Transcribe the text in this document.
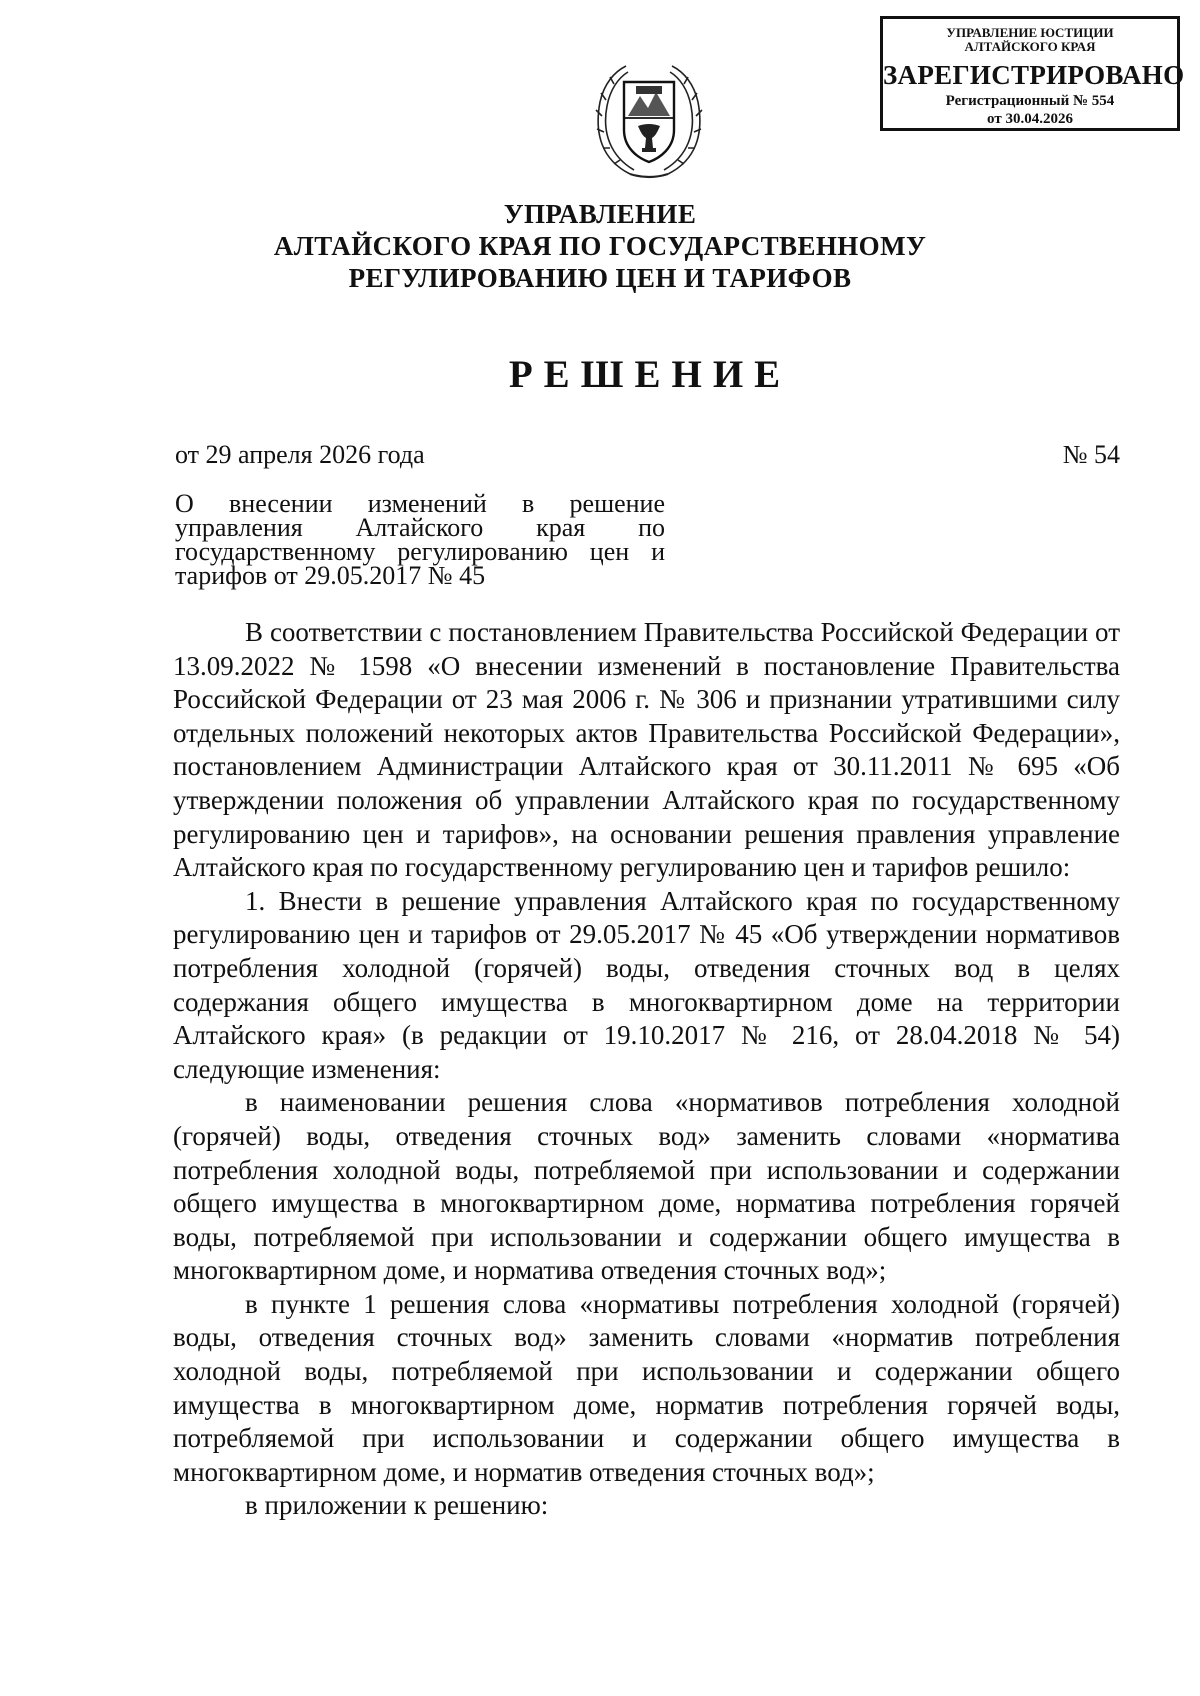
УПРАВЛЕНИЕ ЮСТИЦИИ
АЛТАЙСКОГО КРАЯ
ЗАРЕГИСТРИРОВАНО
Регистрационный № 554
от 30.04.2026
УПРАВЛЕНИЕ
АЛТАЙСКОГО КРАЯ ПО ГОСУДАРСТВЕННОМУ
РЕГУЛИРОВАНИЮ ЦЕН И ТАРИФОВ
РЕШЕНИЕ
от 29 апреля 2026 года	№ 54
О внесении изменений в решение управления Алтайского края по государственному регулированию цен и тарифов от 29.05.2017 № 45

В соответствии с постановлением Правительства Российской Федерации от 13.09.2022 № 1598 «О внесении изменений в постановление Правительства Российской Федерации от 23 мая 2006 г. № 306 и признании утратившими силу отдельных положений некоторых актов Правительства Российской Федерации», постановлением Администрации Алтайского края от 30.11.2011 № 695 «Об утверждении положения об управлении Алтайского края по государственному регулированию цен и тарифов», на основании решения правления управление Алтайского края по государственному регулированию цен и тарифов решило:

1. Внести в решение управления Алтайского края по государственному регулированию цен и тарифов от 29.05.2017 № 45 «Об утверждении нормативов потребления холодной (горячей) воды, отведения сточных вод в целях содержания общего имущества в многоквартирном доме на территории Алтайского края» (в редакции от 19.10.2017 № 216, от 28.04.2018 № 54) следующие изменения:

в наименовании решения слова «нормативов потребления холодной (горячей) воды, отведения сточных вод» заменить словами «норматива потребления холодной воды, потребляемой при использовании и содержании общего имущества в многоквартирном доме, норматива потребления горячей воды, потребляемой при использовании и содержании общего имущества в многоквартирном доме, и норматива отведения сточных вод»;

в пункте 1 решения слова «нормативы потребления холодной (горячей) воды, отведения сточных вод» заменить словами «норматив потребления холодной воды, потребляемой при использовании и содержании общего имущества в многоквартирном доме, норматив потребления горячей воды, потребляемой при использовании и содержании общего имущества в многоквартирном доме, и норматив отведения сточных вод»;

в приложении к решению:
